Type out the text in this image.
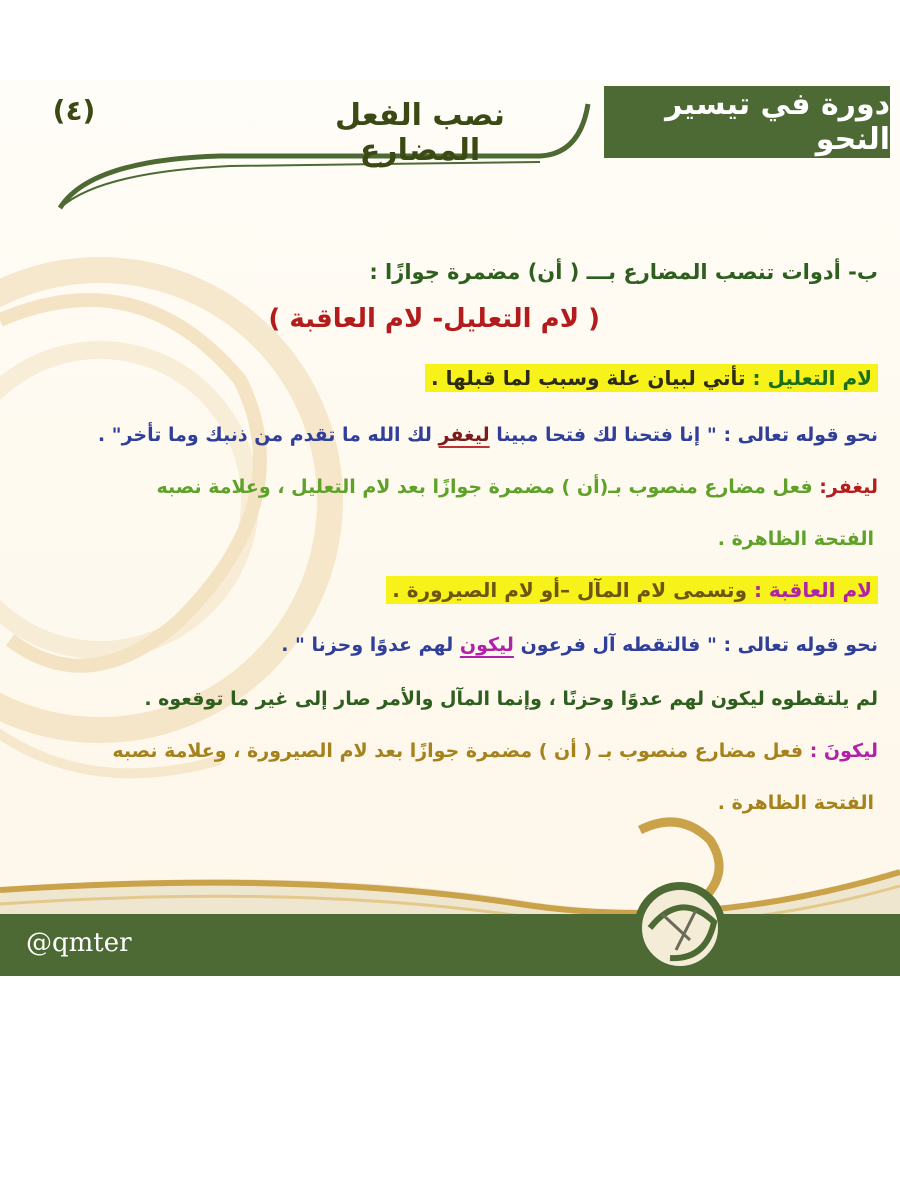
دورة في تيسير النحو
نصب الفعل المضارع
(٤)
ب- أدوات تنصب المضارع بـــ ( أن) مضمرة جوازًا :
( لام التعليل- لام العاقبة )
لام التعليل : تأتي لبيان علة وسبب لما قبلها .
نحو قوله تعالى : " إنا فتحنا لك فتحا مبينا ليغفر لك الله ما تقدم من ذنبك وما تأخر" .
ليغفر: فعل مضارع منصوب بـ(أن ) مضمرة جوازًا بعد لام التعليل ، وعلامة نصبه
الفتحة الظاهرة .
لام العاقبة : وتسمى لام المآل –أو لام الصيرورة .
نحو قوله تعالى : " فالتقطه آل فرعون ليكون لهم عدوًا وحزنا " .
لم يلتقطوه ليكون لهم عدوًا وحزنًا ، وإنما المآل والأمر صار إلى غير ما توقعوه .
ليكونَ : فعل مضارع منصوب بـ ( أن ) مضمرة جوازًا بعد لام الصيرورة ، وعلامة نصبه
الفتحة الظاهرة .
@qmter
